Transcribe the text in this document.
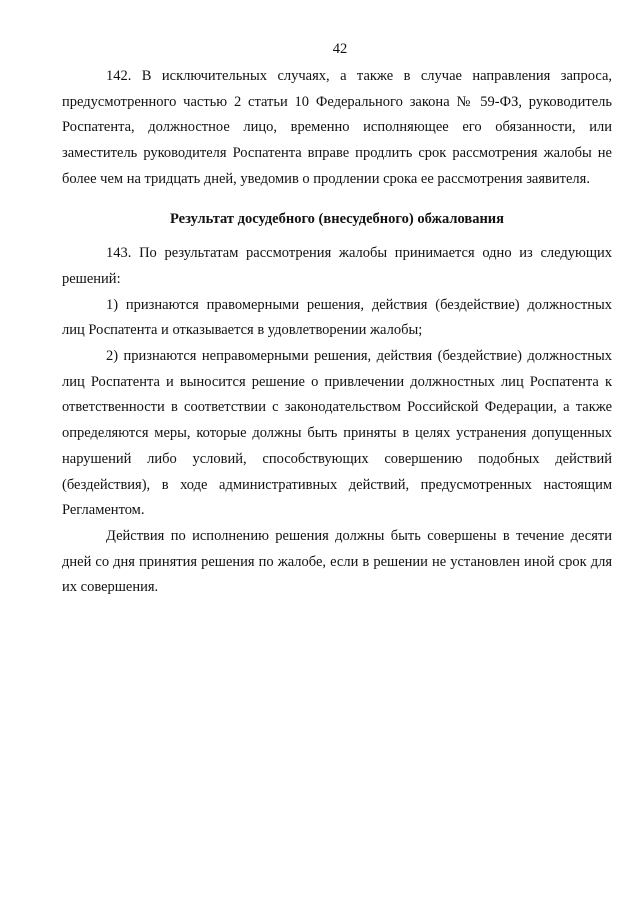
42

142. В исключительных случаях, а также в случае направления запроса, предусмотренного частью 2 статьи 10 Федерального закона № 59-ФЗ, руководитель Роспатента, должностное лицо, временно исполняющее его обязанности, или заместитель руководителя Роспатента вправе продлить срок рассмотрения жалобы не более чем на тридцать дней, уведомив о продлении срока ее рассмотрения заявителя.

Результат досудебного (внесудебного) обжалования

143. По результатам рассмотрения жалобы принимается одно из следующих решений:

1) признаются правомерными решения, действия (бездействие) должностных лиц Роспатента и отказывается в удовлетворении жалобы;

2) признаются неправомерными решения, действия (бездействие) должностных лиц Роспатента и выносится решение о привлечении должностных лиц Роспатента к ответственности в соответствии с законодательством Российской Федерации, а также определяются меры, которые должны быть приняты в целях устранения допущенных нарушений либо условий, способствующих совершению подобных действий (бездействия), в ходе административных действий, предусмотренных настоящим Регламентом.

Действия по исполнению решения должны быть совершены в течение десяти дней со дня принятия решения по жалобе, если в решении не установлен иной срок для их совершения.
